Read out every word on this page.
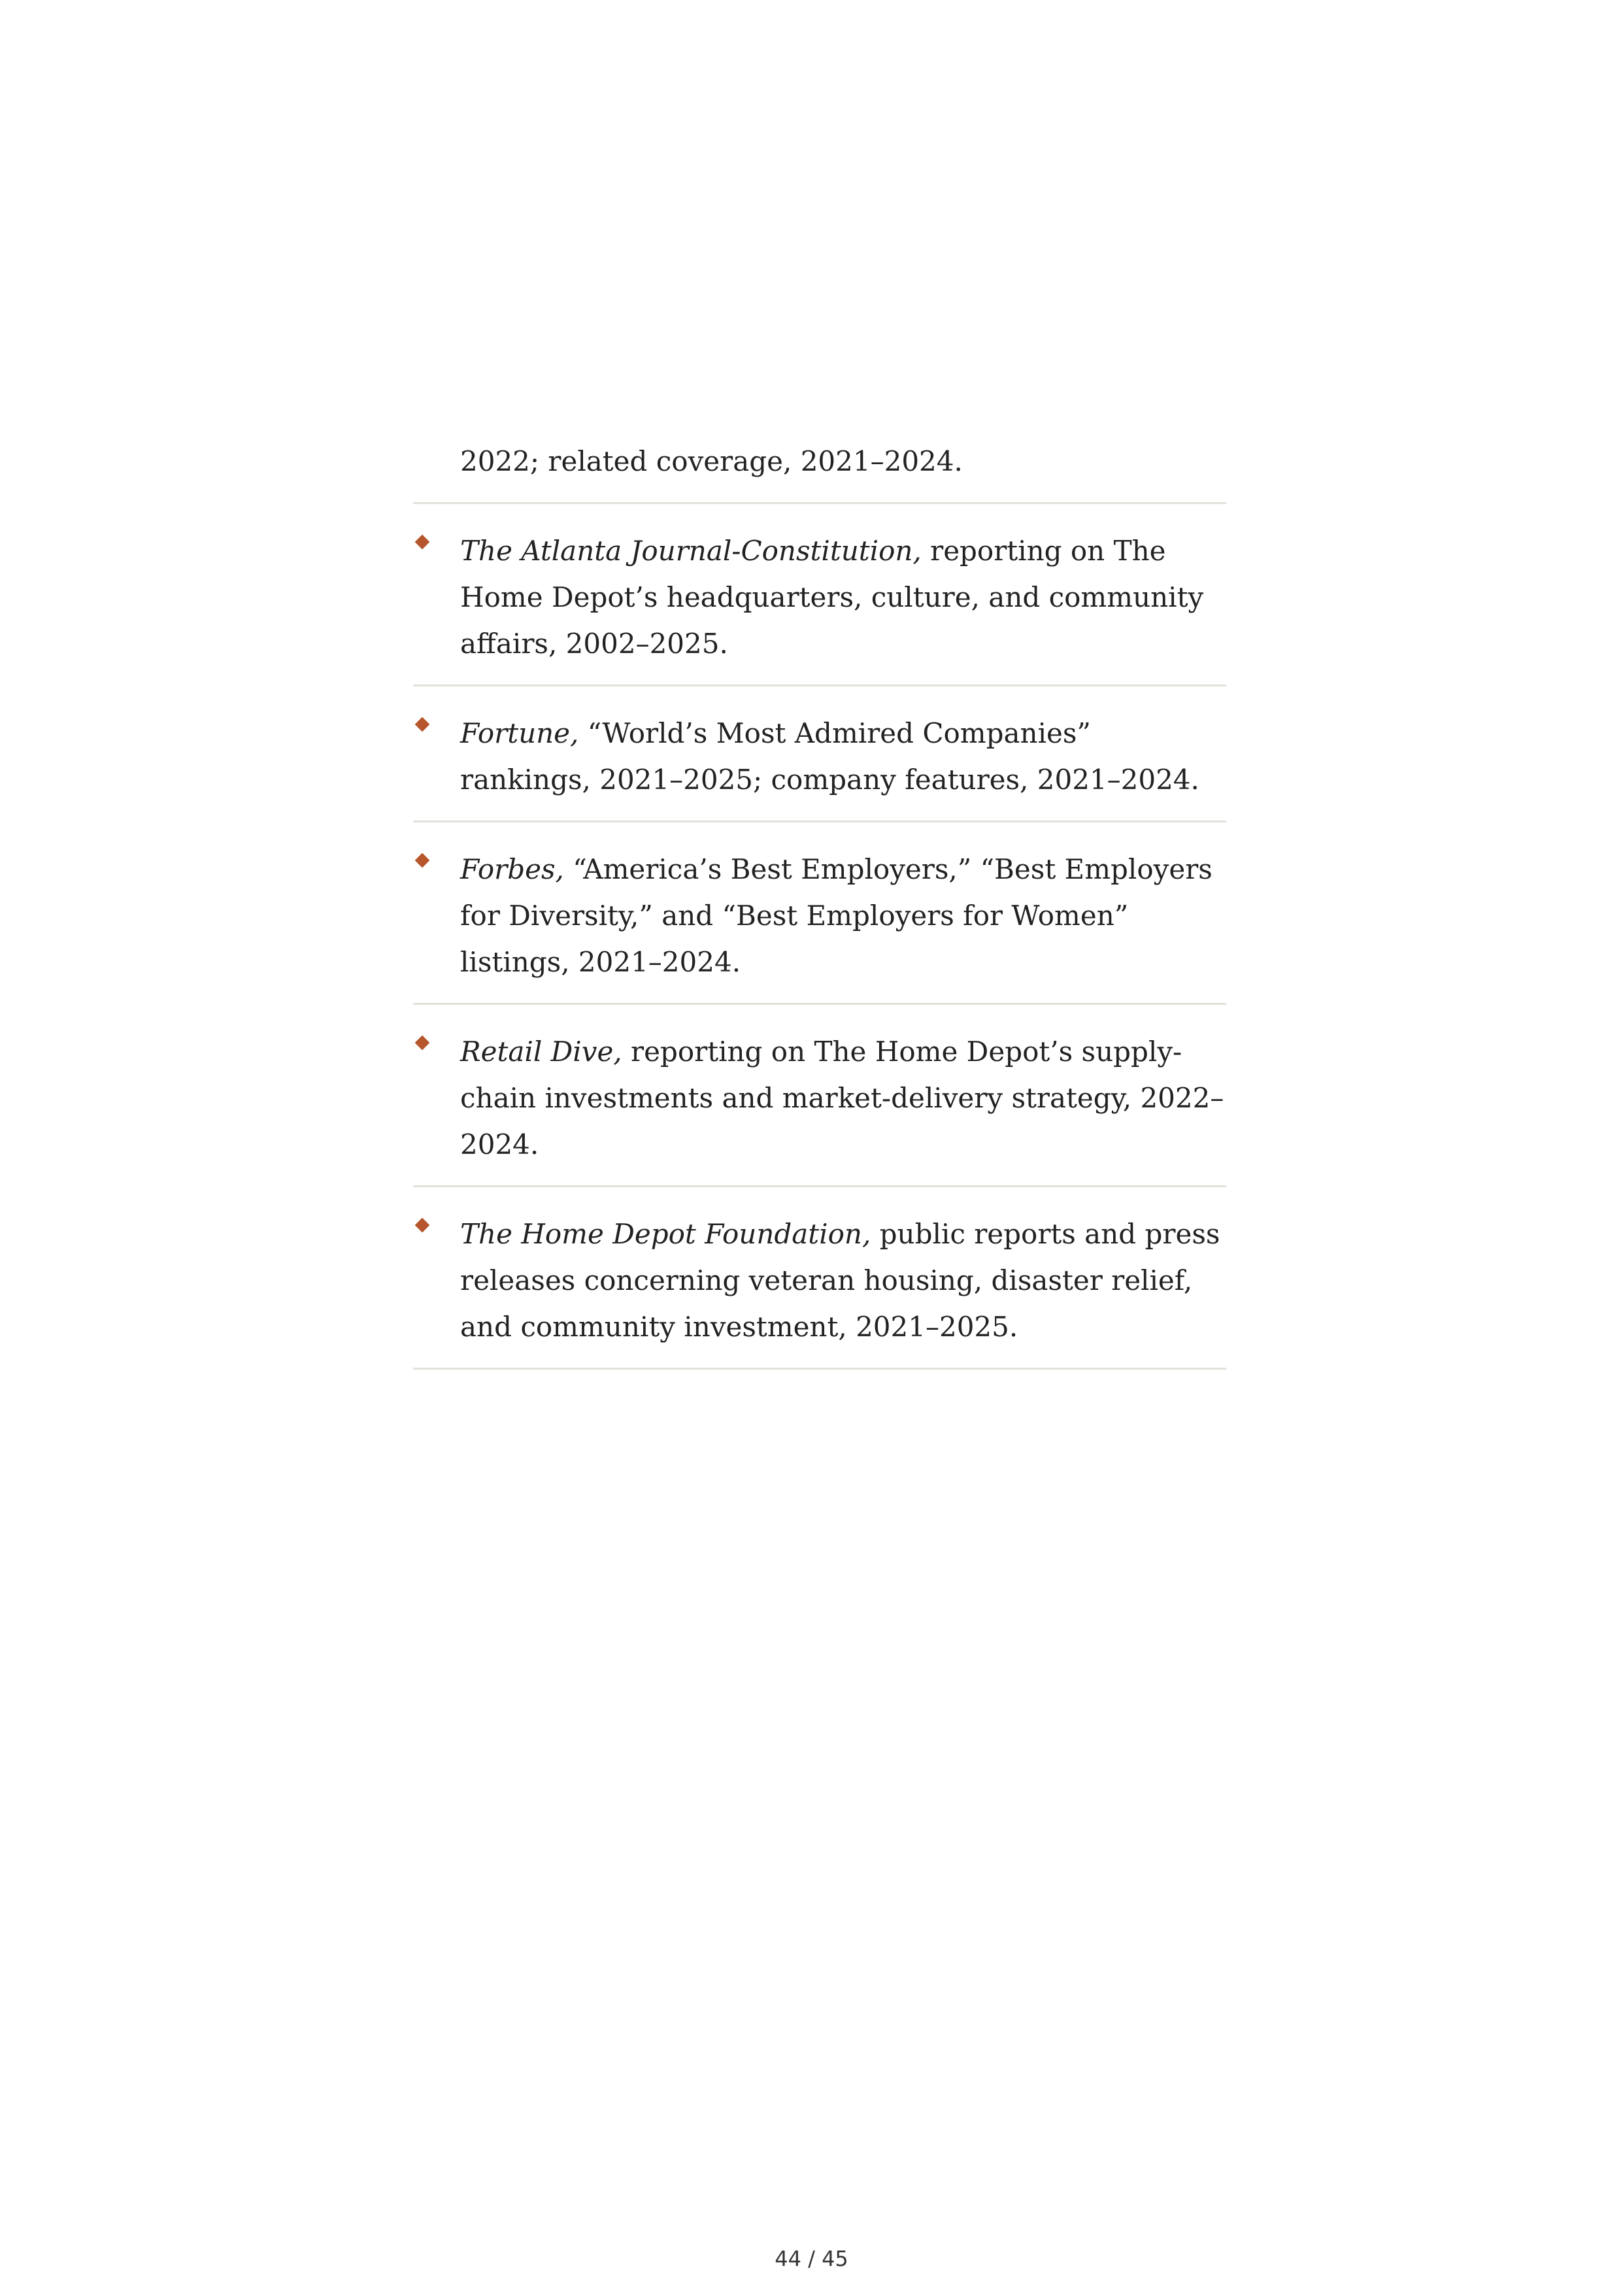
2022; related coverage, 2021–2024.
The Atlanta Journal-Constitution, reporting on The Home Depot’s headquarters, culture, and community affairs, 2002–2025.
Fortune, “World’s Most Admired Companies” rankings, 2021–2025; company features, 2021–2024.
Forbes, “America’s Best Employers,” “Best Employers for Diversity,” and “Best Employers for Women” listings, 2021–2024.
Retail Dive, reporting on The Home Depot’s supply-chain investments and market-delivery strategy, 2022–2024.
The Home Depot Foundation, public reports and press releases concerning veteran housing, disaster relief, and community investment, 2021–2025.
44 / 45
